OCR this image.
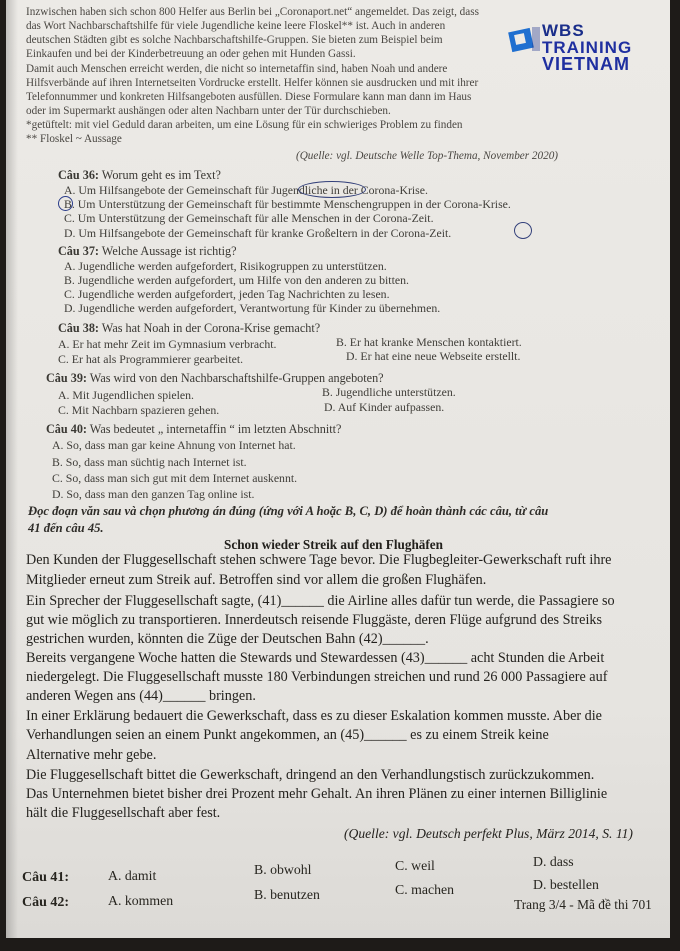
WBS
TRAINING
VIETNAM
Inzwischen haben sich schon 800 Helfer aus Berlin bei „Coronaport.net“ angemeldet. Das zeigt, dass
das Wort Nachbarschaftshilfe für viele Jugendliche keine leere Floskel** ist. Auch in anderen
deutschen Städten gibt es solche Nachbarschaftshilfe-Gruppen. Sie bieten zum Beispiel beim
Einkaufen und bei der Kinderbetreuung an oder gehen mit Hunden Gassi.
Damit auch Menschen erreicht werden, die nicht so internetaffin sind, haben Noah und andere
Hilfsverbände auf ihren Internetseiten Vordrucke erstellt. Helfer können sie ausdrucken und mit ihrer
Telefonnummer und konkreten Hilfsangeboten ausfüllen. Diese Formulare kann man dann im Haus
oder im Supermarkt aushängen oder alten Nachbarn unter der Tür durchschieben.
*getüftelt: mit viel Geduld daran arbeiten, um eine Lösung für ein schwieriges Problem zu finden
** Floskel ~ Aussage
(Quelle: vgl. Deutsche Welle Top-Thema, November 2020)
Câu 36: Worum geht es im Text?
A. Um Hilfsangebote der Gemeinschaft für Jugendliche in der Corona-Krise.
B. Um Unterstützung der Gemeinschaft für bestimmte Menschengruppen in der Corona-Krise.
C. Um Unterstützung der Gemeinschaft für alle Menschen in der Corona-Zeit.
D. Um Hilfsangebote der Gemeinschaft für kranke Großeltern in der Corona-Zeit.
Câu 37: Welche Aussage ist richtig?
A. Jugendliche werden aufgefordert, Risikogruppen zu unterstützen.
B. Jugendliche werden aufgefordert, um Hilfe von den anderen zu bitten.
C. Jugendliche werden aufgefordert, jeden Tag Nachrichten zu lesen.
D. Jugendliche werden aufgefordert, Verantwortung für Kinder zu übernehmen.
Câu 38: Was hat Noah in der Corona-Krise gemacht?
A. Er hat mehr Zeit im Gymnasium verbracht.	B. Er hat kranke Menschen kontaktiert.
C. Er hat als Programmierer gearbeitet.	D. Er hat eine neue Webseite erstellt.
Câu 39: Was wird von den Nachbarschaftshilfe-Gruppen angeboten?
A. Mit Jugendlichen spielen.	B. Jugendliche unterstützen.
C. Mit Nachbarn spazieren gehen.	D. Auf Kinder aufpassen.
Câu 40: Was bedeutet „ internetaffin “ im letzten Abschnitt?
A. So, dass man gar keine Ahnung von Internet hat.
B. So, dass man süchtig nach Internet ist.
C. So, dass man sich gut mit dem Internet auskennt.
D. So, dass man den ganzen Tag online ist.
Đọc đoạn văn sau và chọn phương án đúng (ứng với A hoặc B, C, D) để hoàn thành các câu, từ câu
41 đến câu 45.
Schon wieder Streik auf den Flughäfen
Den Kunden der Fluggesellschaft stehen schwere Tage bevor. Die Flugbegleiter-Gewerkschaft ruft ihre
Mitglieder erneut zum Streik auf. Betroffen sind vor allem die großen Flughäfen.
Ein Sprecher der Fluggesellschaft sagte, (41)______ die Airline alles dafür tun werde, die Passagiere so
gut wie möglich zu transportieren. Innerdeutsch reisende Fluggäste, deren Flüge aufgrund des Streiks
gestrichen wurden, könnten die Züge der Deutschen Bahn (42)______.
Bereits vergangene Woche hatten die Stewards und Stewardessen (43)______ acht Stunden die Arbeit
niedergelegt. Die Fluggesellschaft musste 180 Verbindungen streichen und rund 26 000 Passagiere auf
anderen Wegen ans (44)______ bringen.
In einer Erklärung bedauert die Gewerkschaft, dass es zu dieser Eskalation kommen musste. Aber die
Verhandlungen seien an einem Punkt angekommen, an (45)______ es zu einem Streik keine
Alternative mehr gebe.
Die Fluggesellschaft bittet die Gewerkschaft, dringend an den Verhandlungstisch zurückzukommen.
Das Unternehmen bietet bisher drei Prozent mehr Gehalt. An ihren Plänen zu einer internen Billiglinie
hält die Fluggesellschaft aber fest.
(Quelle: vgl. Deutsch perfekt Plus, März 2014, S. 11)
Câu 41:	A. damit	B. obwohl	C. weil	D. dass
Câu 42:	A. kommen	B. benutzen	C. machen	D. bestellen
Trang 3/4 - Mã đề thi 701
